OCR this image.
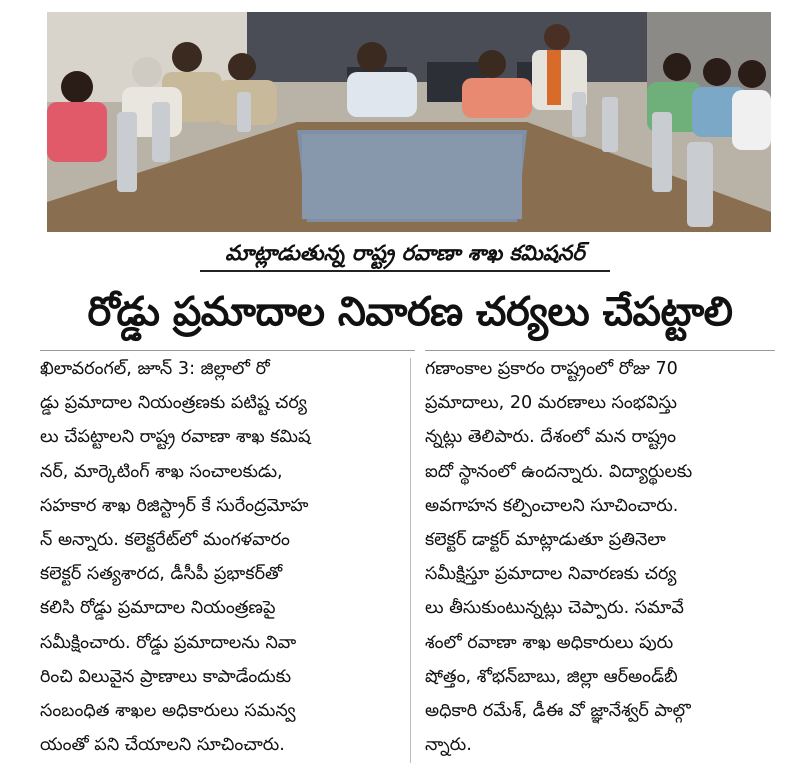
మాట్లాడుతున్న రాష్ట్ర రవాణా శాఖ కమిషనర్
రోడ్డు ప్రమాదాల నివారణ చర్యలు చేపట్టాలి
ఖిలావరంగల్, జూన్ 3: జిల్లాలో రో
డ్డు ప్రమాదాల నియంత్రణకు పటిష్ట చర్య
లు చేపట్టాలని రాష్ట్ర రవాణా శాఖ కమిష
నర్, మార్కెటింగ్ శాఖ సంచాలకుడు,
సహకార శాఖ రిజిస్ట్రార్ కే సురేంద్రమోహ
న్ అన్నారు. కలెక్టరేట్‌లో మంగళవారం
కలెక్టర్ సత్యశారద, డీసీపీ ప్రభాకర్‌తో
కలిసి రోడ్డు ప్రమాదాల నియంత్రణపై
సమీక్షించారు. రోడ్డు ప్రమాదాలను నివా
రించి విలువైన ప్రాణాలు కాపాడేందుకు
సంబంధిత శాఖల అధికారులు సమన్వ
యంతో పని చేయాలని సూచించారు.
గణాంకాల ప్రకారం రాష్ట్రంలో రోజు 70
ప్రమాదాలు, 20 మరణాలు సంభవిస్తు
న్నట్లు తెలిపారు. దేశంలో మన రాష్ట్రం
ఐదో స్థానంలో ఉందన్నారు. విద్యార్థులకు
అవగాహన కల్పించాలని సూచించారు.
కలెక్టర్ డాక్టర్ మాట్లాడుతూ ప్రతినెలా
సమీక్షిస్తూ ప్రమాదాల నివారణకు చర్య
లు తీసుకుంటున్నట్లు చెప్పారు. సమావే
శంలో రవాణా శాఖ అధికారులు పురు
షోత్తం, శోభన్‌బాబు, జిల్లా ఆర్అండ్‌బీ
అధికారి రమేశ్, డీఈ వో జ్ఞానేశ్వర్ పాల్గొ
న్నారు.
